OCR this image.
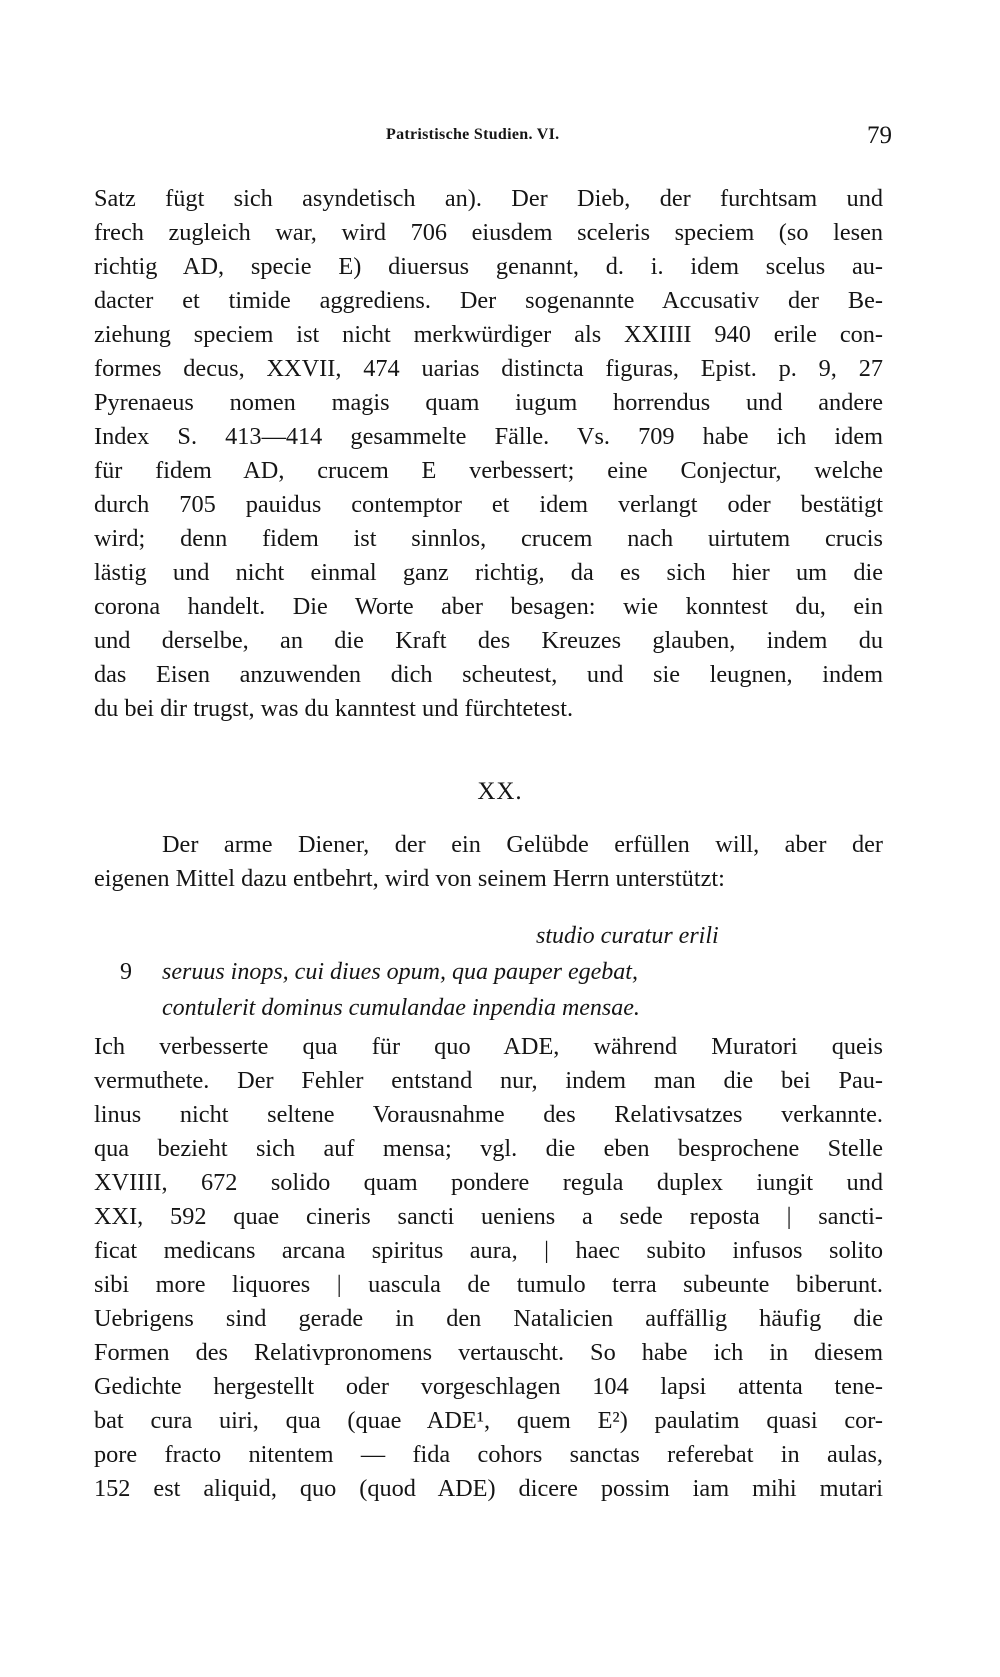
Patristische Studien. VI.	79
Satz fügt sich asyndetisch an). Der Dieb, der furchtsam und
frech zugleich war, wird 706 eiusdem sceleris speciem (so lesen
richtig AD, specie E) diuersus genannt, d. i. idem scelus au-
dacter et timide aggrediens. Der sogenannte Accusativ der Be-
ziehung speciem ist nicht merkwürdiger als XXIIII 940 erile con-
formes decus, XXVII, 474 uarias distincta figuras, Epist. p. 9, 27
Pyrenaeus nomen magis quam iugum horrendus und andere
Index S. 413—414 gesammelte Fälle. Vs. 709 habe ich idem
für fidem AD, crucem E verbessert; eine Conjectur, welche
durch 705 pauidus contemptor et idem verlangt oder bestätigt
wird; denn fidem ist sinnlos, crucem nach uirtutem crucis
lästig und nicht einmal ganz richtig, da es sich hier um die
corona handelt. Die Worte aber besagen: wie konntest du, ein
und derselbe, an die Kraft des Kreuzes glauben, indem du
das Eisen anzuwenden dich scheutest, und sie leugnen, indem
du bei dir trugst, was du kanntest und fürchtetest.
XX.
Der arme Diener, der ein Gelübde erfüllen will, aber der
eigenen Mittel dazu entbehrt, wird von seinem Herrn unterstützt:
studio curatur erili
9 seruus inops, cui diues opum, qua pauper egebat,
contulerit dominus cumulandae inpendia mensae.
Ich verbesserte qua für quo ADE, während Muratori queis
vermuthete. Der Fehler entstand nur, indem man die bei Pau-
linus nicht seltene Vorausnahme des Relativsatzes verkannte.
qua bezieht sich auf mensa; vgl. die eben besprochene Stelle
XVIIII, 672 solido quam pondere regula duplex iungit und
XXI, 592 quae cineris sancti ueniens a sede reposta | sancti-
ficat medicans arcana spiritus aura, | haec subito infusos solito
sibi more liquores | uascula de tumulo terra subeunte biberunt.
Uebrigens sind gerade in den Natalicien auffällig häufig die
Formen des Relativpronomens vertauscht. So habe ich in diesem
Gedichte hergestellt oder vorgeschlagen 104 lapsi attenta tene-
bat cura uiri, qua (quae ADE¹, quem E²) paulatim quasi cor-
pore fracto nitentem — fida cohors sanctas referebat in aulas,
152 est aliquid, quo (quod ADE) dicere possim iam mihi mutari
